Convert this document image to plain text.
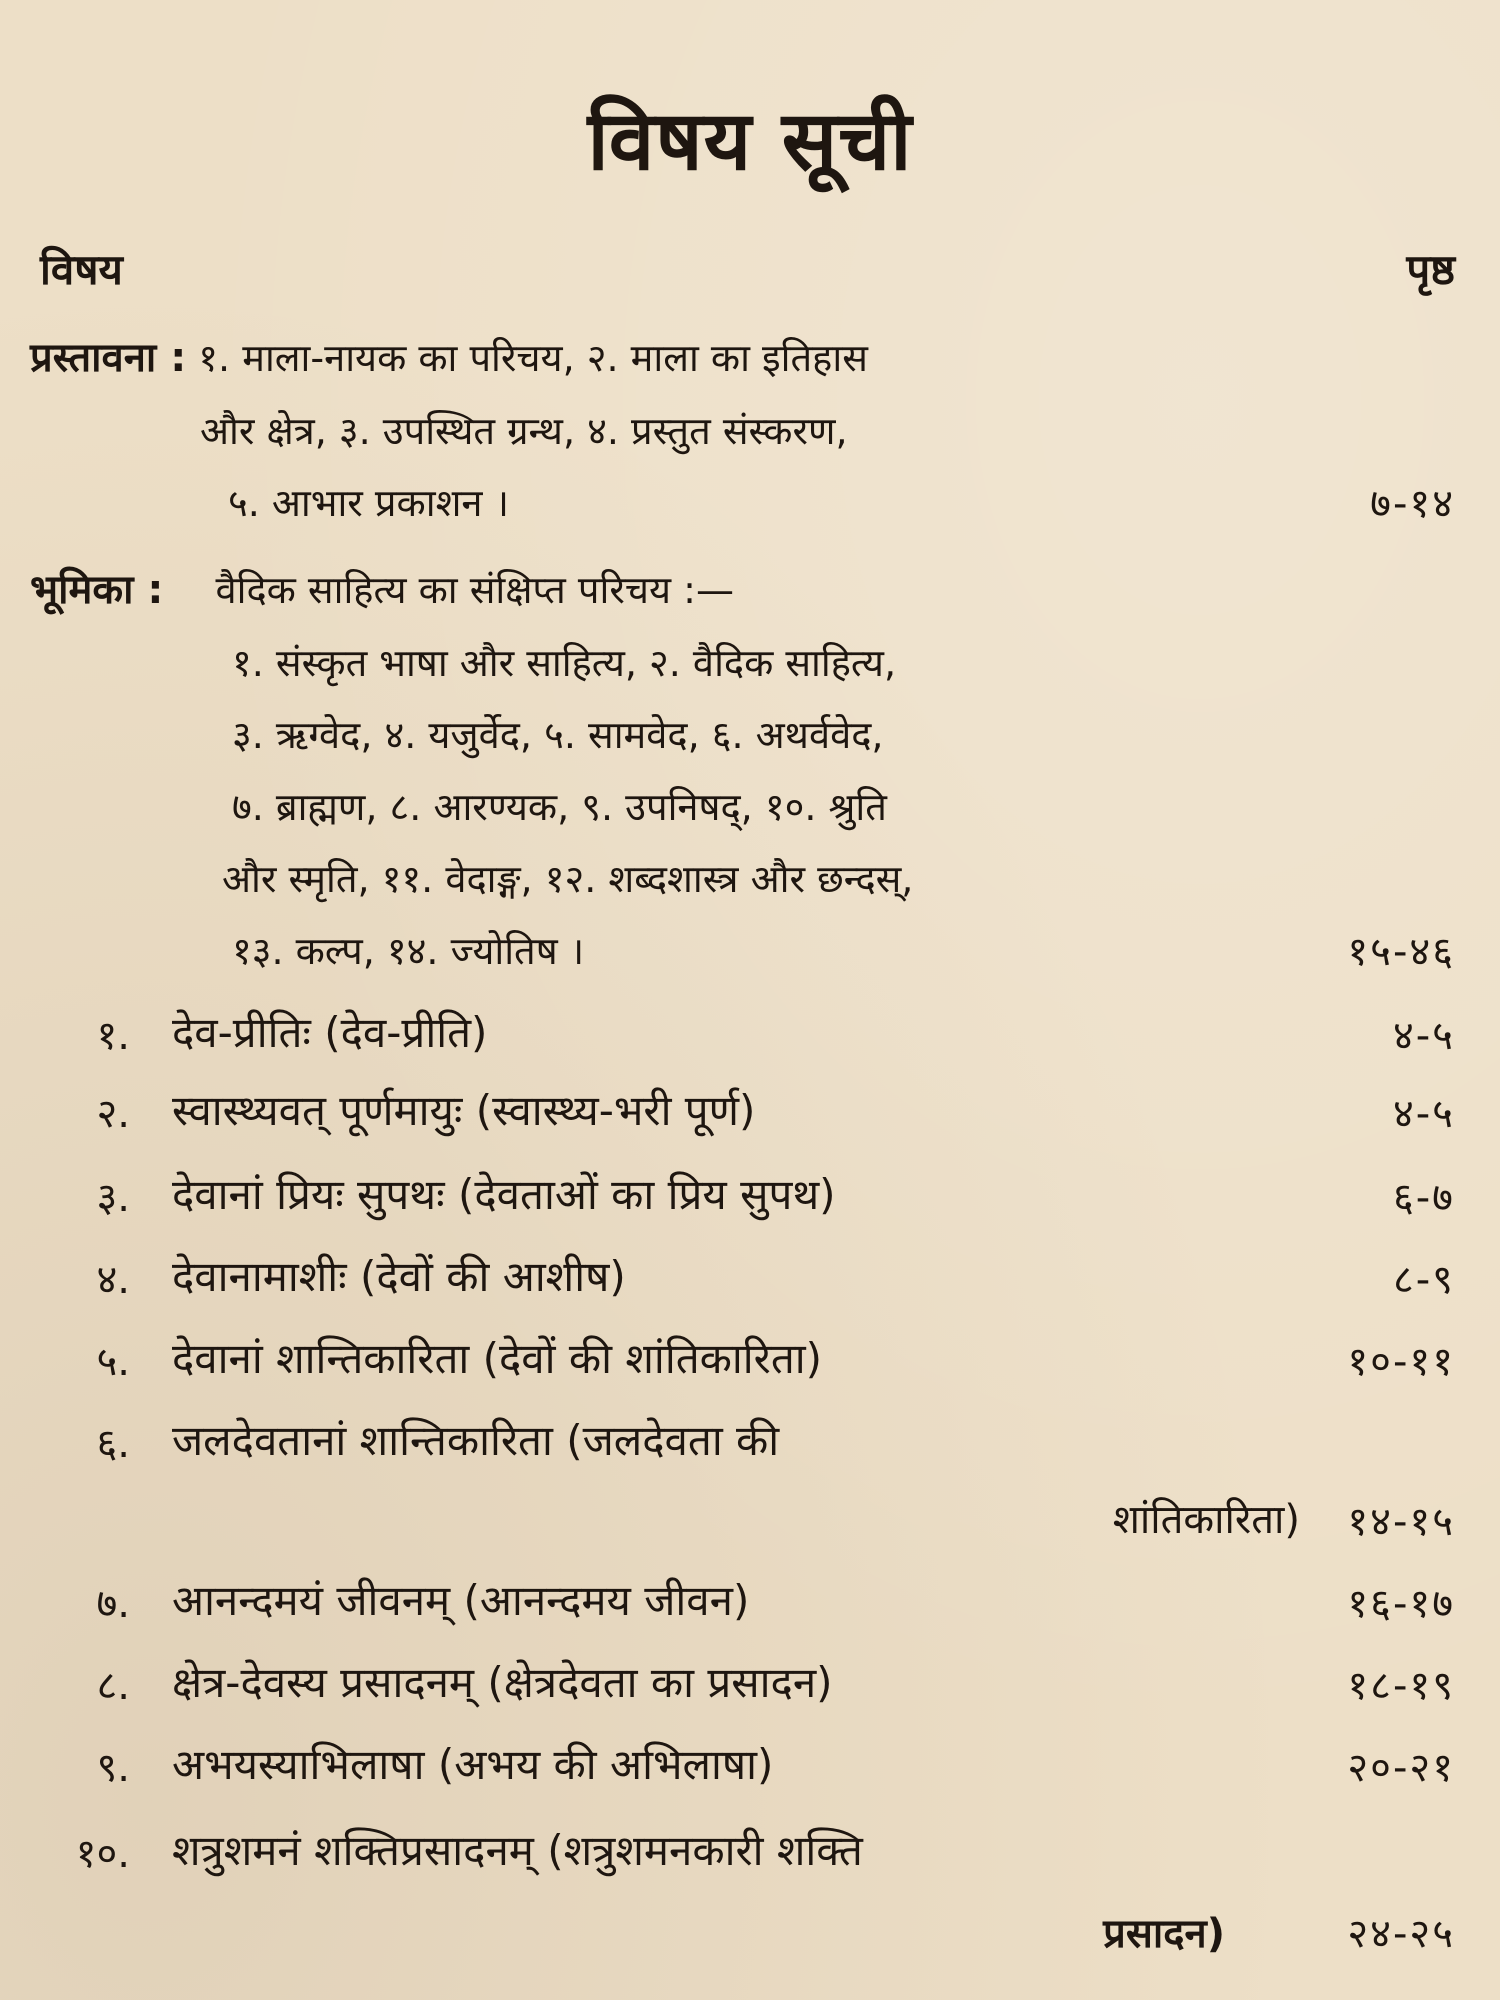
विषय सूची
विषय	पृष्ठ
प्रस्तावना : १. माला-नायक का परिचय, २. माला का इतिहास
और क्षेत्र, ३. उपस्थित ग्रन्थ, ४. प्रस्तुत संस्करण,
५. आभार प्रकाशन ।	७-१४
भूमिका : वैदिक साहित्य का संक्षिप्त परिचय :—
१. संस्कृत भाषा और साहित्य, २. वैदिक साहित्य,
३. ऋग्वेद, ४. यजुर्वेद, ५. सामवेद, ६. अथर्ववेद,
७. ब्राह्मण, ८. आरण्यक, ९. उपनिषद्, १०. श्रुति
और स्मृति, ११. वेदाङ्ग, १२. शब्दशास्त्र और छन्दस्,
१३. कल्प, १४. ज्योतिष ।	१५-४६
१. देव-प्रीतिः (देव-प्रीति)	४-५
२. स्वास्थ्यवत् पूर्णमायुः (स्वास्थ्य-भरी पूर्ण)	४-५
३. देवानां प्रियः सुपथः (देवताओं का प्रिय सुपथ)	६-७
४. देवानामाशीः (देवों की आशीष)	८-९
५. देवानां शान्तिकारिता (देवों की शांतिकारिता)	१०-११
६. जलदेवतानां शान्तिकारिता (जलदेवता की
शांतिकारिता) १४-१५
७. आनन्दमयं जीवनम् (आनन्दमय जीवन)	१६-१७
८. क्षेत्र-देवस्य प्रसादनम् (क्षेत्रदेवता का प्रसादन)	१८-१९
९. अभयस्याभिलाषा (अभय की अभिलाषा)	२०-२१
१०. शत्रुशमनं शक्तिप्रसादनम् (शत्रुशमनकारी शक्ति
प्रसादन)	२४-२५
